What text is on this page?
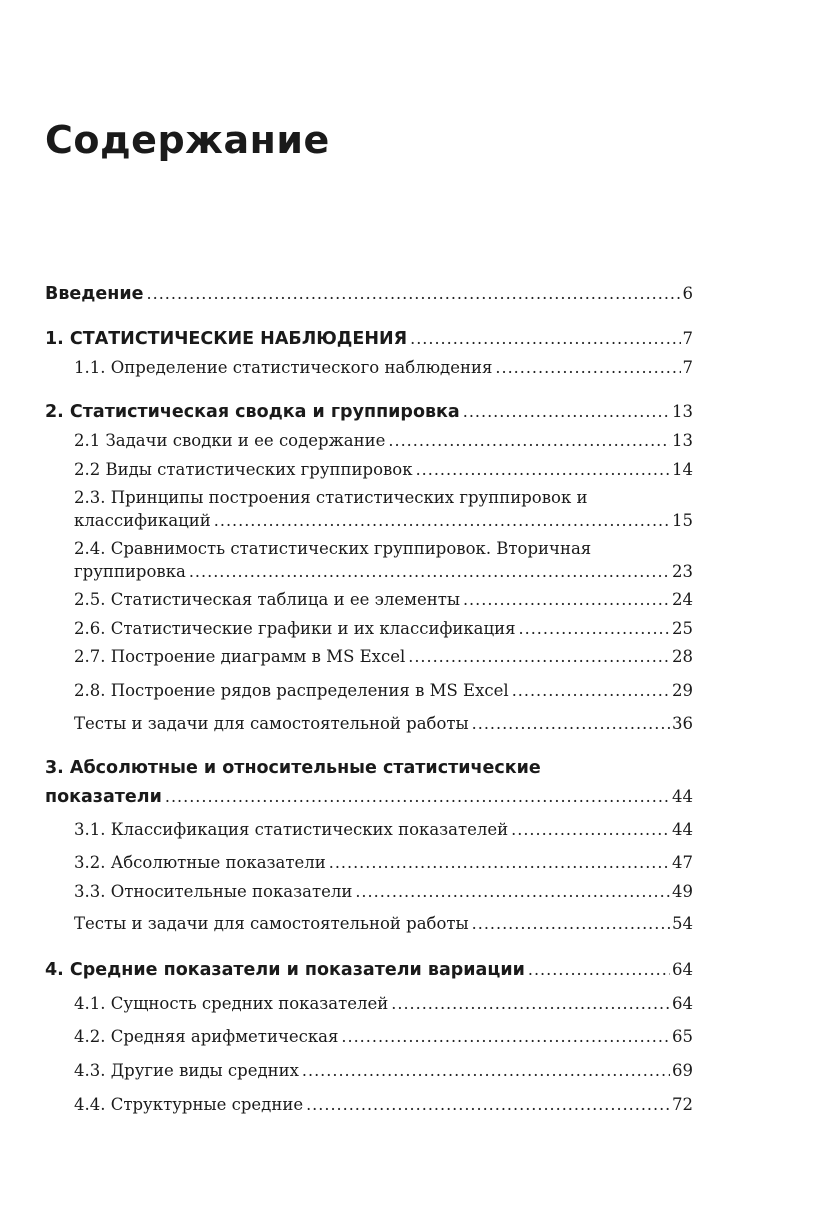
Содержание
Введение .....	6
1. СТАТИСТИЧЕСКИЕ НАБЛЮДЕНИЯ .....	7
1.1. Определение статистического наблюдения .....	7
2. Статистическая сводка и группировка .....	13
2.1 Задачи сводки и ее содержание .....	13
2.2 Виды статистических группировок .....	14
2.3. Принципы построения статистических группировок и
классификаций .....	15
2.4. Сравнимость статистических группировок. Вторичная
группировка .....	23
2.5. Статистическая таблица и ее элементы .....	24
2.6. Статистические графики и их классификация .....	25
2.7. Построение диаграмм в MS Excel .....	28
2.8. Построение рядов распределения в MS Excel .....	29
Тесты и задачи для самостоятельной работы .....	36
3. Абсолютные и относительные статистические
показатели .....	44
3.1. Классификация статистических показателей .....	44
3.2. Абсолютные показатели .....	47
3.3. Относительные показатели .....	49
Тесты и задачи для самостоятельной работы .....	54
4. Средние показатели и показатели вариации .....	64
4.1. Сущность средних показателей .....	64
4.2. Средняя арифметическая .....	65
4.3. Другие виды средних .....	69
4.4. Структурные средние .....	72
